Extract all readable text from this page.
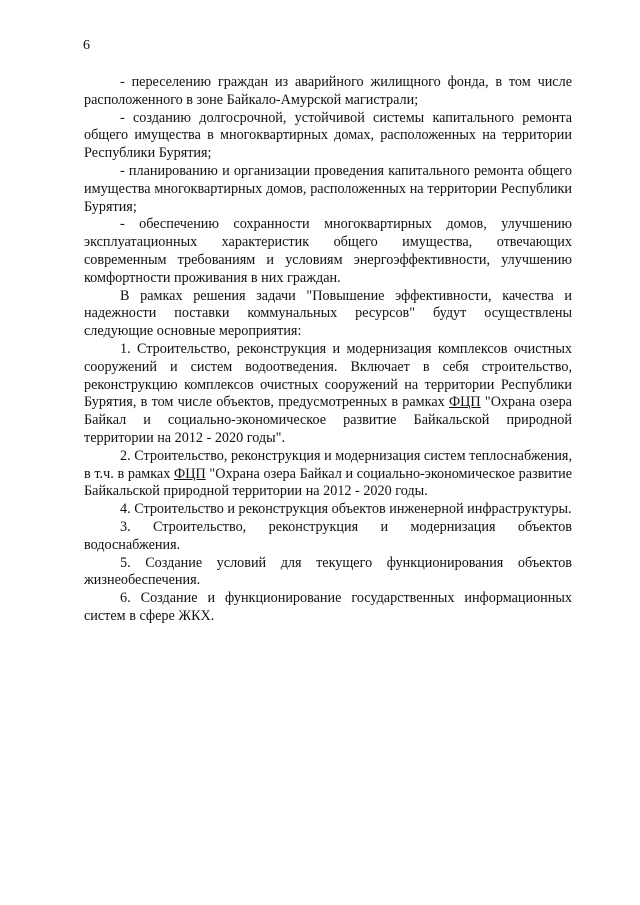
6

- переселению граждан из аварийного жилищного фонда, в том числе расположенного в зоне Байкало-Амурской магистрали;

- созданию долгосрочной, устойчивой системы капитального ремонта общего имущества в многоквартирных домах, расположенных на территории Республики Бурятия;

- планированию и организации проведения капитального ремонта общего имущества многоквартирных домов, расположенных на территории Республики Бурятия;

- обеспечению сохранности многоквартирных домов, улучшению эксплуатационных характеристик общего имущества, отвечающих современным требованиям и условиям энергоэффективности, улучшению комфортности проживания в них граждан.

В рамках решения задачи "Повышение эффективности, качества и надежности поставки коммунальных ресурсов" будут осуществлены следующие основные мероприятия:

1. Строительство, реконструкция и модернизация комплексов очистных сооружений и систем водоотведения. Включает в себя строительство, реконструкцию комплексов очистных сооружений на территории Республики Бурятия, в том числе объектов, предусмотренных в рамках ФЦП "Охрана озера Байкал и социально-экономическое развитие Байкальской природной территории на 2012 - 2020 годы".

2. Строительство, реконструкция и модернизация систем теплоснабжения, в т.ч. в рамках ФЦП "Охрана озера Байкал и социально-экономическое развитие Байкальской природной территории на 2012 - 2020 годы.

4. Строительство и реконструкция объектов инженерной инфраструктуры.

3. Строительство, реконструкция и модернизация объектов водоснабжения.

5. Создание условий для текущего функционирования объектов жизнеобеспечения.

6. Создание и функционирование государственных информационных систем в сфере ЖКХ.
